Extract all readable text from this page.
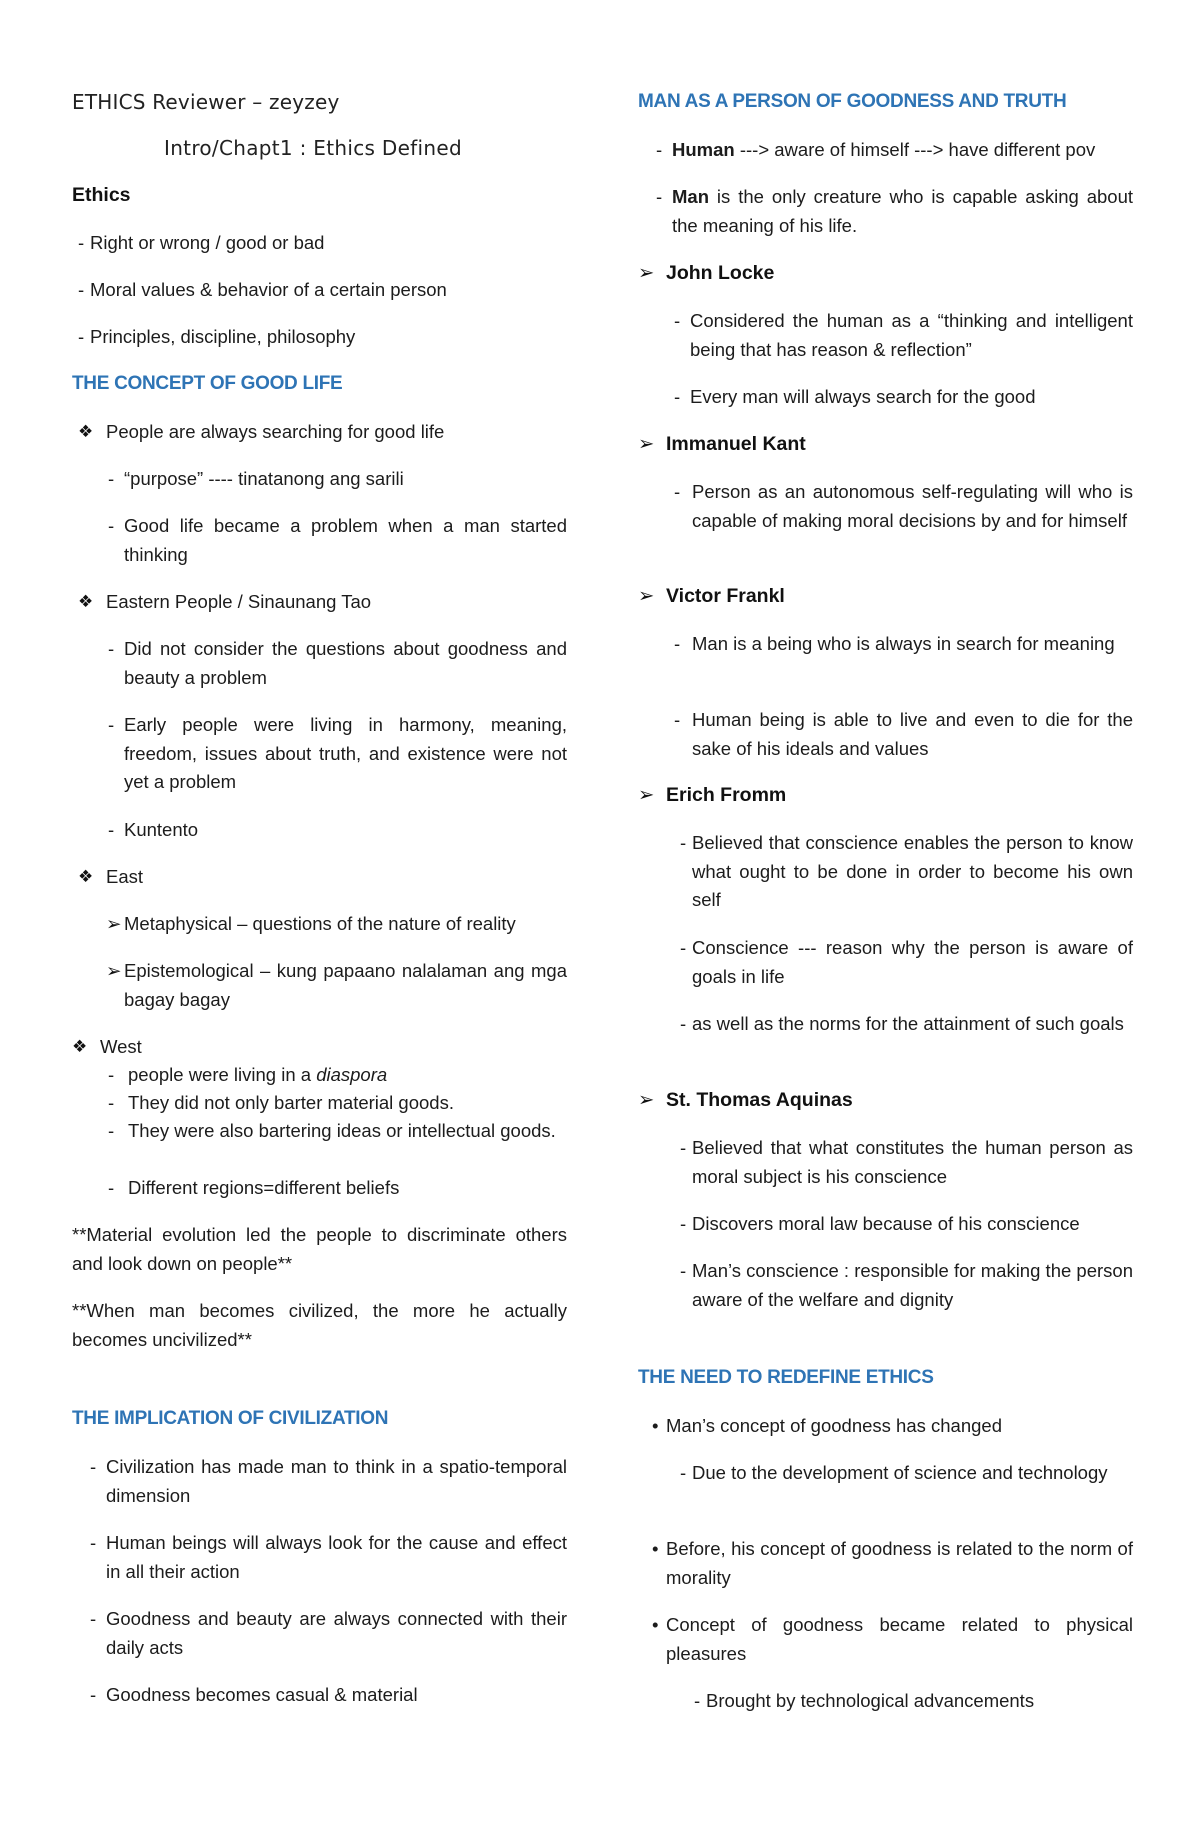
ETHICS Reviewer – zeyzey
Intro/Chapt1 : Ethics Defined
Ethics
- Right or wrong / good or bad
- Moral values & behavior of a certain person
- Principles, discipline, philosophy
THE CONCEPT OF GOOD LIFE
❖ People are always searching for good life
- “purpose” ---- tinatanong ang sarili
- Good life became a problem when a man started thinking
❖ Eastern People / Sinaunang Tao
- Did not consider the questions about goodness and beauty a problem
- Early people were living in harmony, meaning, freedom, issues about truth, and existence were not yet a problem
- Kuntento
❖ East
➢ Metaphysical – questions of the nature of reality
➢ Epistemological – kung papaano nalalaman ang mga bagay bagay
❖ West
- people were living in a diaspora
- They did not only barter material goods.
- They were also bartering ideas or intellectual goods.
- Different regions=different beliefs
**Material evolution led the people to discriminate others and look down on people**
**When man becomes civilized, the more he actually becomes uncivilized**
THE IMPLICATION OF CIVILIZATION
- Civilization has made man to think in a spatio-temporal dimension
- Human beings will always look for the cause and effect in all their action
- Goodness and beauty are always connected with their daily acts
- Goodness becomes casual & material
MAN AS A PERSON OF GOODNESS AND TRUTH
- Human ---> aware of himself ---> have different pov
- Man is the only creature who is capable asking about the meaning of his life.
➢ John Locke
- Considered the human as a “thinking and intelligent being that has reason & reflection”
- Every man will always search for the good
➢ Immanuel Kant
- Person as an autonomous self-regulating will who is capable of making moral decisions by and for himself
➢ Victor Frankl
- Man is a being who is always in search for meaning
- Human being is able to live and even to die for the sake of his ideals and values
➢ Erich Fromm
- Believed that conscience enables the person to know what ought to be done in order to become his own self
- Conscience --- reason why the person is aware of goals in life
- as well as the norms for the attainment of such goals
➢ St. Thomas Aquinas
- Believed that what constitutes the human person as moral subject is his conscience
- Discovers moral law because of his conscience
- Man’s conscience : responsible for making the person aware of the welfare and dignity
THE NEED TO REDEFINE ETHICS
• Man’s concept of goodness has changed
- Due to the development of science and technology
• Before, his concept of goodness is related to the norm of morality
• Concept of goodness became related to physical pleasures
- Brought by technological advancements
